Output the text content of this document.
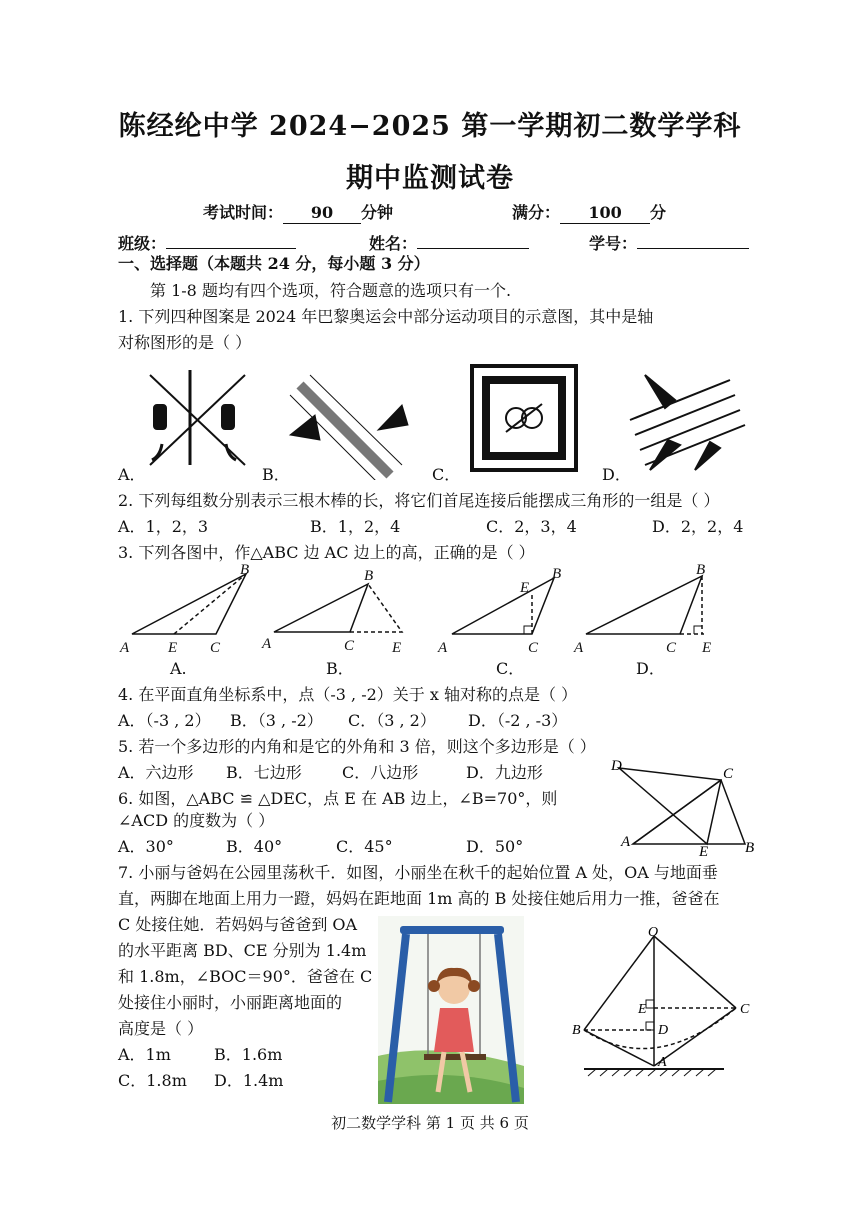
陈经纶中学 2024−2025 第一学期初二数学学科
期中监测试卷
考试时间： 90 分钟	满分： 100 分
班级：	姓名：	学号：
一、选择题（本题共 24 分，每小题 3 分）
第 1-8 题均有四个选项，符合题意的选项只有一个.
1. 下列四种图案是 2024 年巴黎奥运会中部分运动项目的示意图，其中是轴
对称图形的是（ ）
A．	B．	C．	D．
2. 下列每组数分别表示三根木棒的长，将它们首尾连接后能摆成三角形的一组是（ ）
A．1，2，3	B．1，2，4	C．2，3，4	D．2，2，4
3. 下列各图中，作△ABC 边 AC 边上的高，正确的是（ ）
A
B
C
E	A
B
C	E A
B
C
E
A
B
C E
A.	B．	C．	D．
4. 在平面直角坐标系中，点（-3 , -2）关于 x 轴对称的点是（ ）
A．（-3 , 2） B．（3 , -2） C．（3 , 2） D．（-2 , -3）
5. 若一个多边形的内角和是它的外角和 3 倍，则这个多边形是（ ）
A．六边形 B．七边形	C．八边形	D．九边形	D	C
A
E B
6. 如图，△ABC ≌ △DEC，点 E 在 AB 边上，∠B=70°，则
∠ACD 的度数为（ ）
A．30°	B．40°	C．45°	D．50°
7. 小丽与爸妈在公园里荡秋千．如图，小丽坐在秋千的起始位置 A 处，OA 与地面垂
直，两脚在地面上用力一蹬，妈妈在距地面 1m 高的 B 处接住她后用力一推，爸爸在
C 处接住她．若妈妈与爸爸到 OA
的水平距离 BD、CE 分别为 1.4m
和 1.8m，∠BOC＝90°．爸爸在 C
处接住小丽时，小丽距离地面的
高度是（ ）
A．1m	B．1.6m
C．1.8m D．1.4m
O
E	C
B	D
A
初二数学学科 第 1 页 共 6 页
